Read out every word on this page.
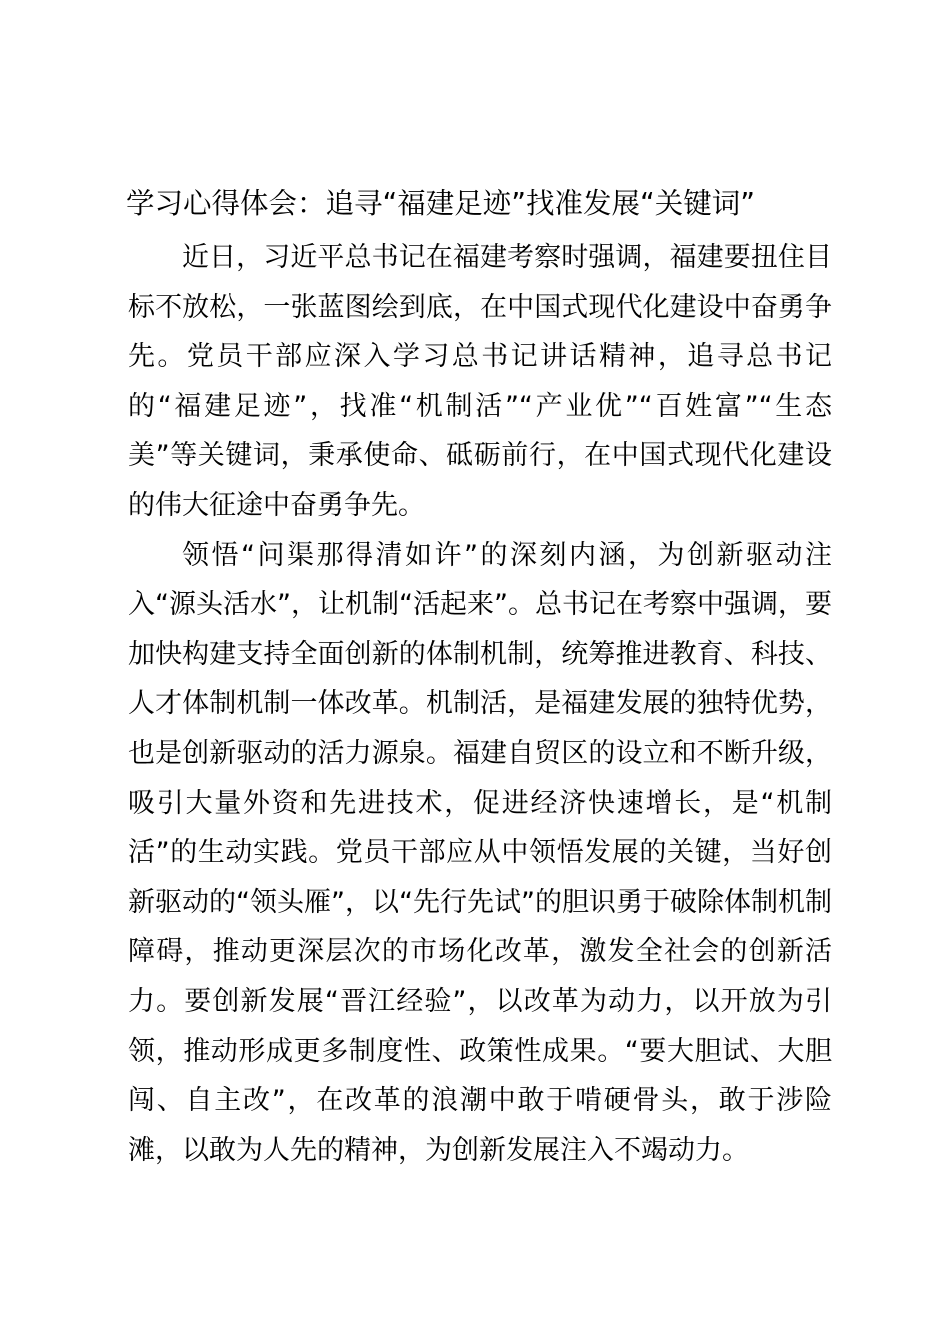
学习心得体会：追寻“福建足迹”找准发展“关键词”

近日，习近平总书记在福建考察时强调，福建要扭住目标不放松，一张蓝图绘到底，在中国式现代化建设中奋勇争先。党员干部应深入学习总书记讲话精神，追寻总书记的“福建足迹”，找准“机制活”“产业优”“百姓富”“生态美”等关键词，秉承使命、砥砺前行，在中国式现代化建设的伟大征途中奋勇争先。

领悟“问渠那得清如许”的深刻内涵，为创新驱动注入“源头活水”，让机制“活起来”。总书记在考察中强调，要加快构建支持全面创新的体制机制，统筹推进教育、科技、人才体制机制一体改革。机制活，是福建发展的独特优势，也是创新驱动的活力源泉。福建自贸区的设立和不断升级，吸引大量外资和先进技术，促进经济快速增长，是“机制活”的生动实践。党员干部应从中领悟发展的关键，当好创新驱动的“领头雁”，以“先行先试”的胆识勇于破除体制机制障碍，推动更深层次的市场化改革，激发全社会的创新活力。要创新发展“晋江经验”，以改革为动力，以开放为引领，推动形成更多制度性、政策性成果。“要大胆试、大胆闯、自主改”，在改革的浪潮中敢于啃硬骨头，敢于涉险滩，以敢为人先的精神，为创新发展注入不竭动力。
